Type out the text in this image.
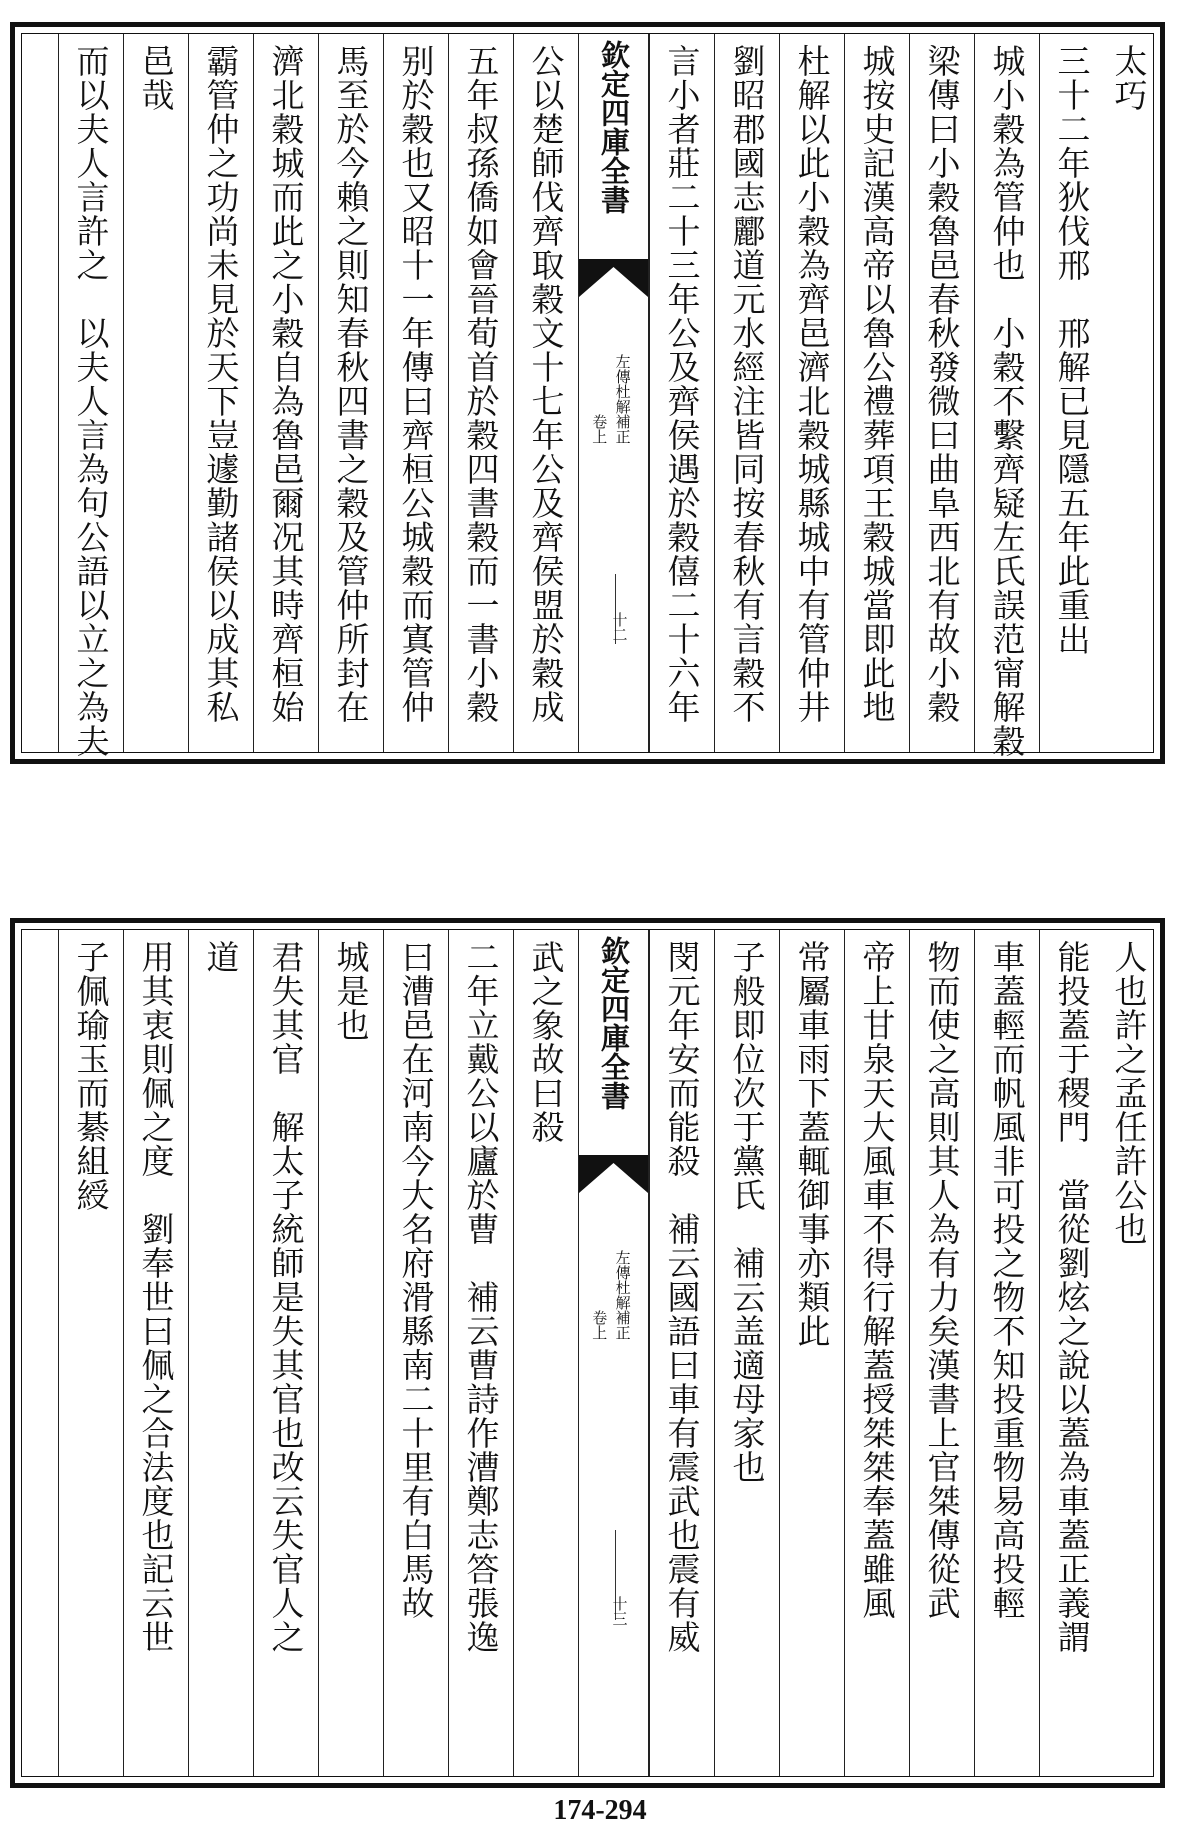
太巧
三十二年狄伐邢　邢解已見隱五年此重出
城小穀為管仲也　小穀不繫齊疑左氏誤范甯解穀
梁傳曰小穀魯邑春秋發微曰曲阜西北有故小穀
城按史記漢高帝以魯公禮葬項王穀城當即此地
杜解以此小穀為齊邑濟北穀城縣城中有管仲井
劉昭郡國志酈道元水經注皆同按春秋有言穀不
言小者莊二十三年公及齊侯遇於穀僖二十六年
欽定四庫全書
左傳杜解補正
卷上
十二
公以楚師伐齊取穀文十七年公及齊侯盟於穀成
五年叔孫僑如會晉荀首於穀四書穀而一書小穀
别於穀也又昭十一年傳曰齊桓公城穀而寘管仲
馬至於今賴之則知春秋四書之穀及管仲所封在
濟北穀城而此之小穀自為魯邑爾况其時齊桓始
霸管仲之功尚未見於天下豈遽勤諸侯以成其私
邑哉
而以夫人言許之　以夫人言為句公語以立之為夫
人也許之孟任許公也
能投蓋于稷門　當從劉炫之說以蓋為車蓋正義謂
車蓋輕而帆風非可投之物不知投重物易高投輕
物而使之高則其人為有力矣漢書上官桀傳從武
帝上甘泉天大風車不得行解蓋授桀桀奉蓋雖風
常屬車雨下蓋輒御事亦類此
子般即位次于黨氏　補云盖適母家也
閔元年安而能殺　補云國語曰車有震武也震有威
欽定四庫全書
左傳杜解補正
卷上
十三
武之象故曰殺
二年立戴公以廬於曹　補云曹詩作漕鄭志答張逸
曰漕邑在河南今大名府滑縣南二十里有白馬故
城是也
君失其官　解太子統師是失其官也改云失官人之
道
用其衷則佩之度　劉奉世曰佩之合法度也記云世
子佩瑜玉而綦組綬
174-294
